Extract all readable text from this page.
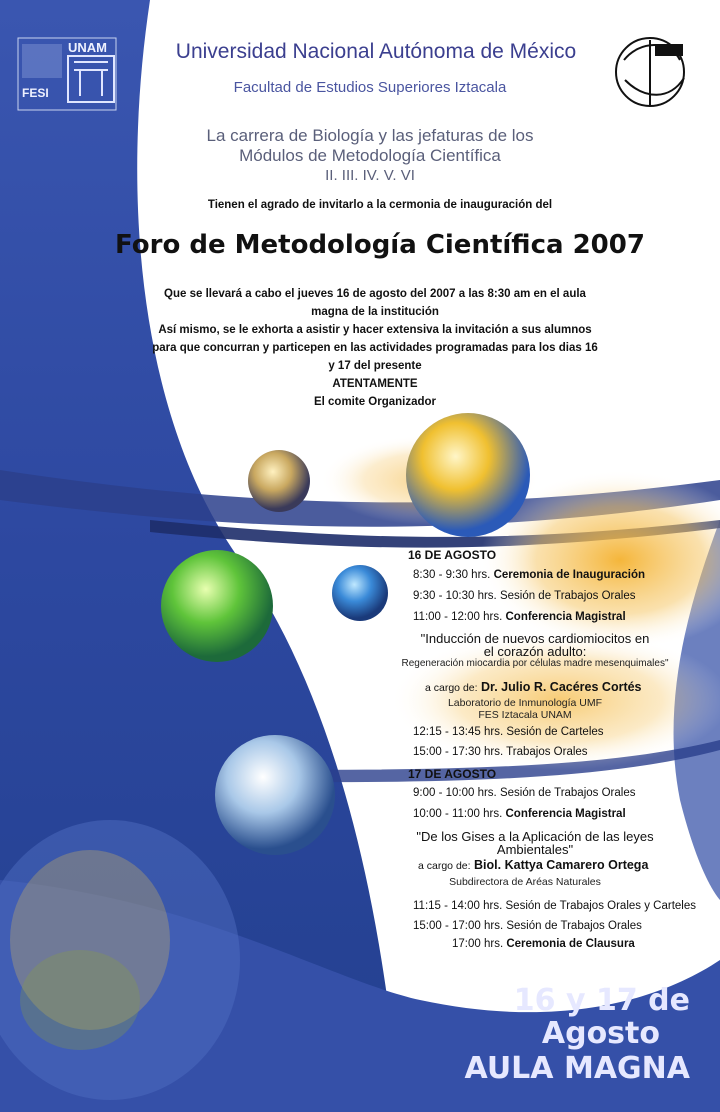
UNAM
FESI
Universidad Nacional Autónoma de México
Facultad de Estudios Superiores Iztacala
La carrera de Biología y las jefaturas de los
Módulos de Metodología Científica
II. III. IV. V. VI
Tienen el agrado de invitarlo a la cermonia de inauguración del
Foro de Metodología Científica 2007
Que se llevará a cabo el jueves 16 de agosto del 2007 a las 8:30 am en el aula
magna de la institución
Así mismo, se le exhorta a asistir y hacer extensiva la invitación a sus alumnos
para que concurran y particepen en las actividades programadas para los dias 16
y 17 del presente
ATENTAMENTE
El comite Organizador
16 DE AGOSTO
8:30 - 9:30 hrs. Ceremonia de Inauguración
9:30 - 10:30 hrs. Sesión de Trabajos Orales
11:00 - 12:00 hrs. Conferencia Magistral
"Inducción de nuevos cardiomiocitos en
el corazón adulto:
Regeneración miocardia por células madre mesenquimales"
a cargo de: Dr. Julio R. Cacéres Cortés
Laboratorio de Inmunología UMF
FES Iztacala UNAM
12:15 - 13:45 hrs. Sesión de Carteles
15:00 - 17:30 hrs. Trabajos Orales
17 DE AGOSTO
9:00 - 10:00 hrs. Sesión de Trabajos Orales
10:00 - 11:00 hrs. Conferencia Magistral
"De los Gises a la Aplicación de las leyes
Ambientales"
a cargo de: Biol. Kattya Camarero Ortega
Subdirectora de Aréas Naturales
11:15 - 14:00 hrs. Sesión de Trabajos Orales y Carteles
15:00 - 17:00 hrs. Sesión de Trabajos Orales
17:00 hrs. Ceremonia de Clausura
16 y 17 de
Agosto
AULA MAGNA
